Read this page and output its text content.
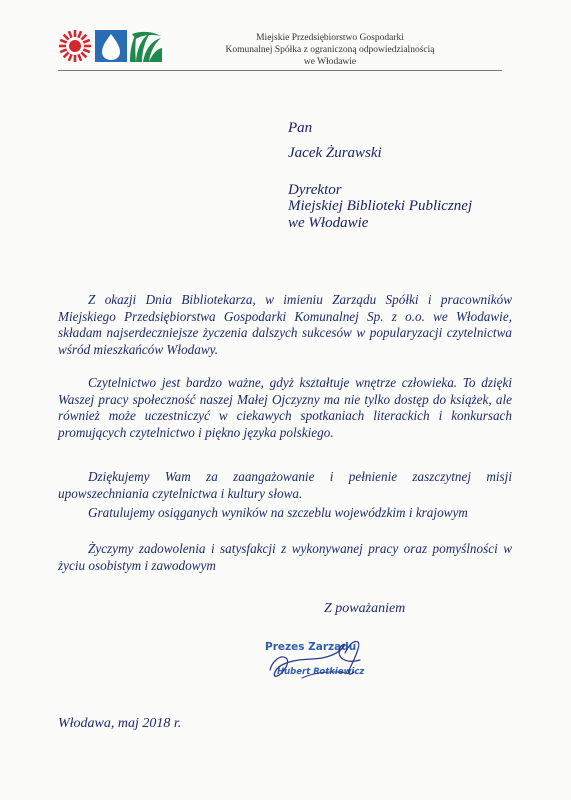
Miejskie Przedsiębiorstwo Gospodarki
Komunalnej Spółka z ograniczoną odpowiedzialnością
we Włodawie
Pan
Jacek Żurawski
Dyrektor
Miejskiej Biblioteki Publicznej
we Włodawie
Z okazji Dnia Bibliotekarza, w imieniu Zarządu Spółki i pracowników Miejskiego Przedsiębiorstwa Gospodarki Komunalnej Sp. z o.o. we Włodawie, składam najserdeczniejsze życzenia dalszych sukcesów w popularyzacji czytelnictwa wśród mieszkańców Włodawy.
Czytelnictwo jest bardzo ważne, gdyż kształtuje wnętrze człowieka. To dzięki Waszej pracy społeczność naszej Małej Ojczyzny ma nie tylko dostęp do książek, ale również może uczestniczyć w ciekawych spotkaniach literackich i konkursach promujących czytelnictwo i piękno języka polskiego.
Dziękujemy Wam za zaangażowanie i pełnienie zaszczytnej misji upowszechniania czytelnictwa i kultury słowa.
Gratulujemy osiąganych wyników na szczeblu wojewódzkim i krajowym
Życzymy zadowolenia i satysfakcji z wykonywanej pracy oraz pomyślności w życiu osobistym i zawodowym
Z poważaniem
Prezes Zarządu
Hubert Rotkiewicz
Włodawa, maj 2018 r.
